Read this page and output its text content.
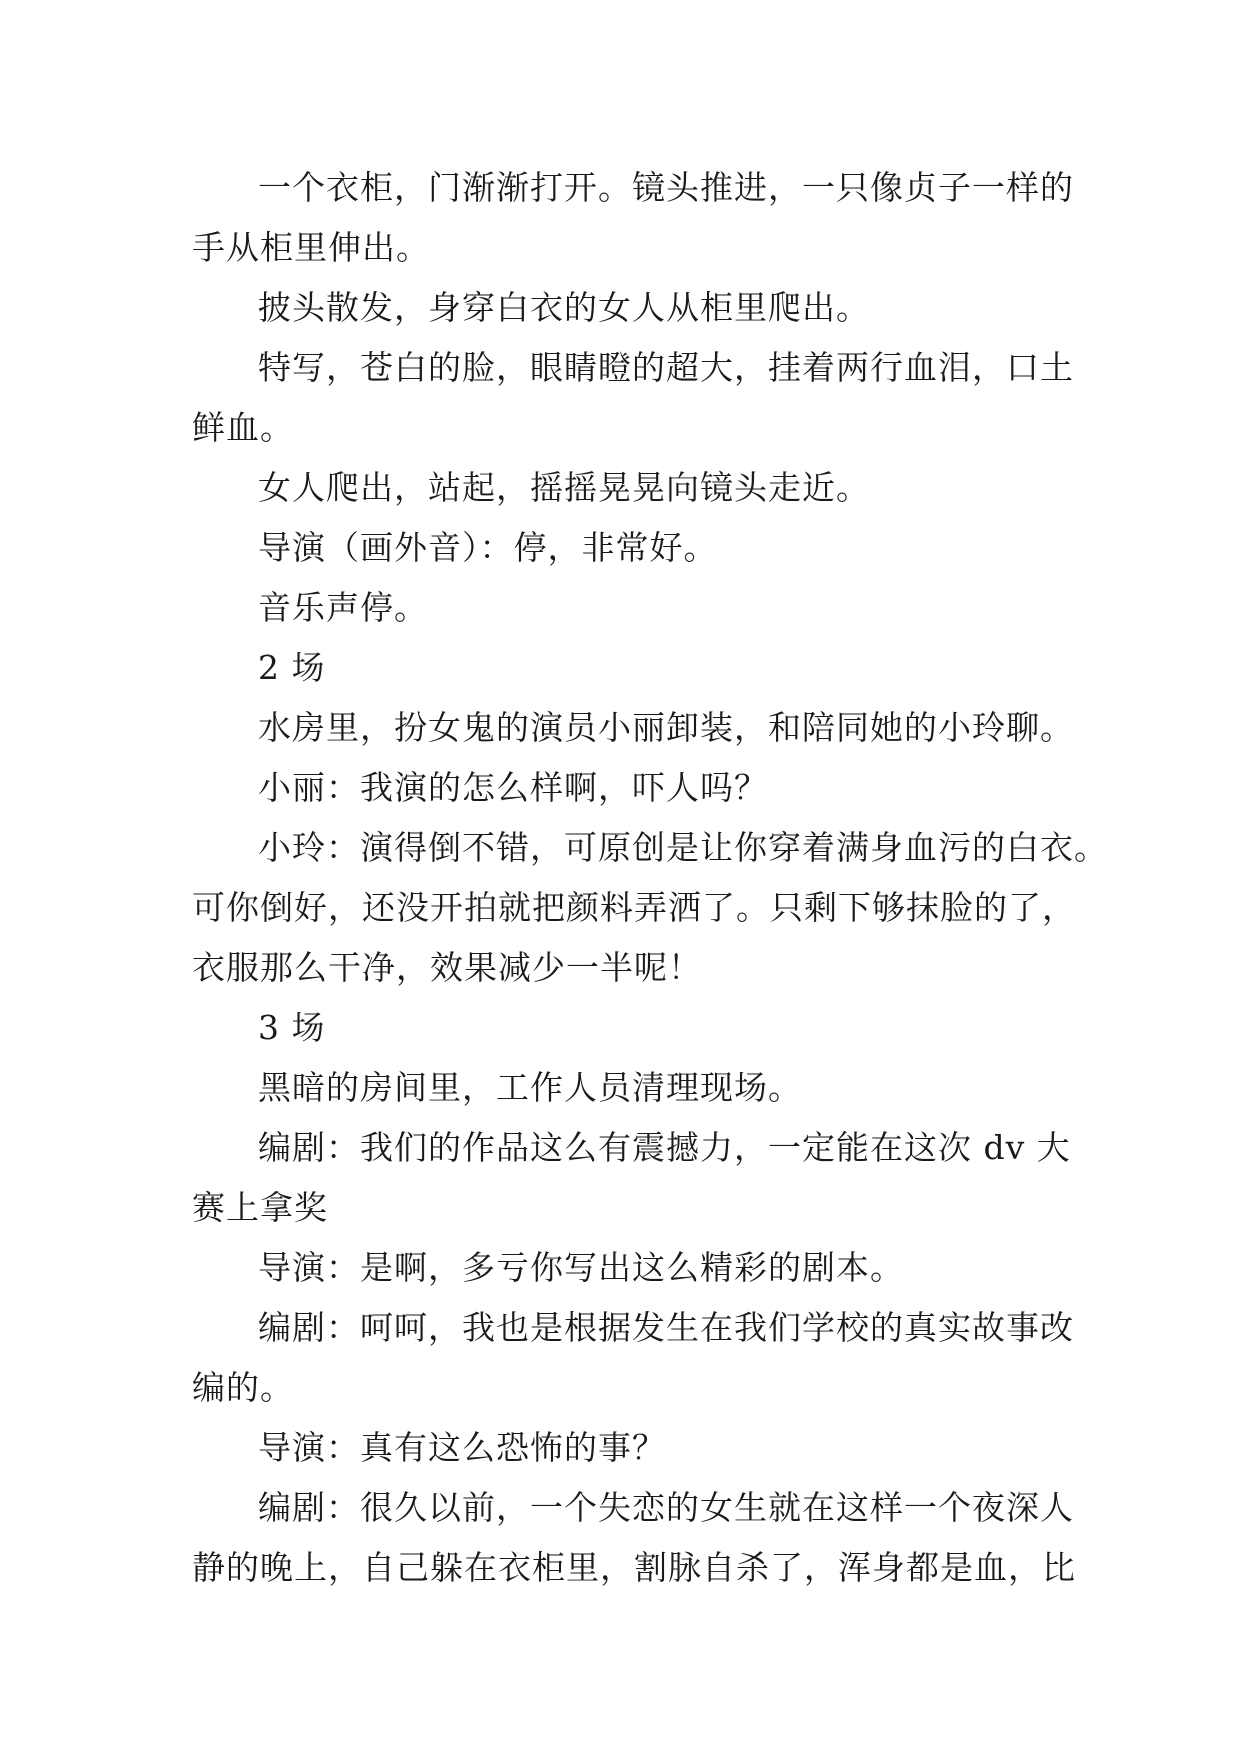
一个衣柜，门渐渐打开。镜头推进，一只像贞子一样的
手从柜里伸出。
披头散发，身穿白衣的女人从柜里爬出。
特写，苍白的脸，眼睛瞪的超大，挂着两行血泪，口土
鲜血。
女人爬出，站起，摇摇晃晃向镜头走近。
导演（画外音）：停，非常好。
音乐声停。
2 场
水房里，扮女鬼的演员小丽卸装，和陪同她的小玲聊。
小丽：我演的怎么样啊，吓人吗？
小玲：演得倒不错，可原创是让你穿着满身血污的白衣。
可你倒好，还没开拍就把颜料弄洒了。只剩下够抹脸的了，
衣服那么干净，效果减少一半呢！
3 场
黑暗的房间里，工作人员清理现场。
编剧：我们的作品这么有震撼力，一定能在这次 dv 大
赛上拿奖
导演：是啊，多亏你写出这么精彩的剧本。
编剧：呵呵，我也是根据发生在我们学校的真实故事改
编的。
导演：真有这么恐怖的事？
编剧：很久以前，一个失恋的女生就在这样一个夜深人
静的晚上，自己躲在衣柜里，割脉自杀了，浑身都是血，比
